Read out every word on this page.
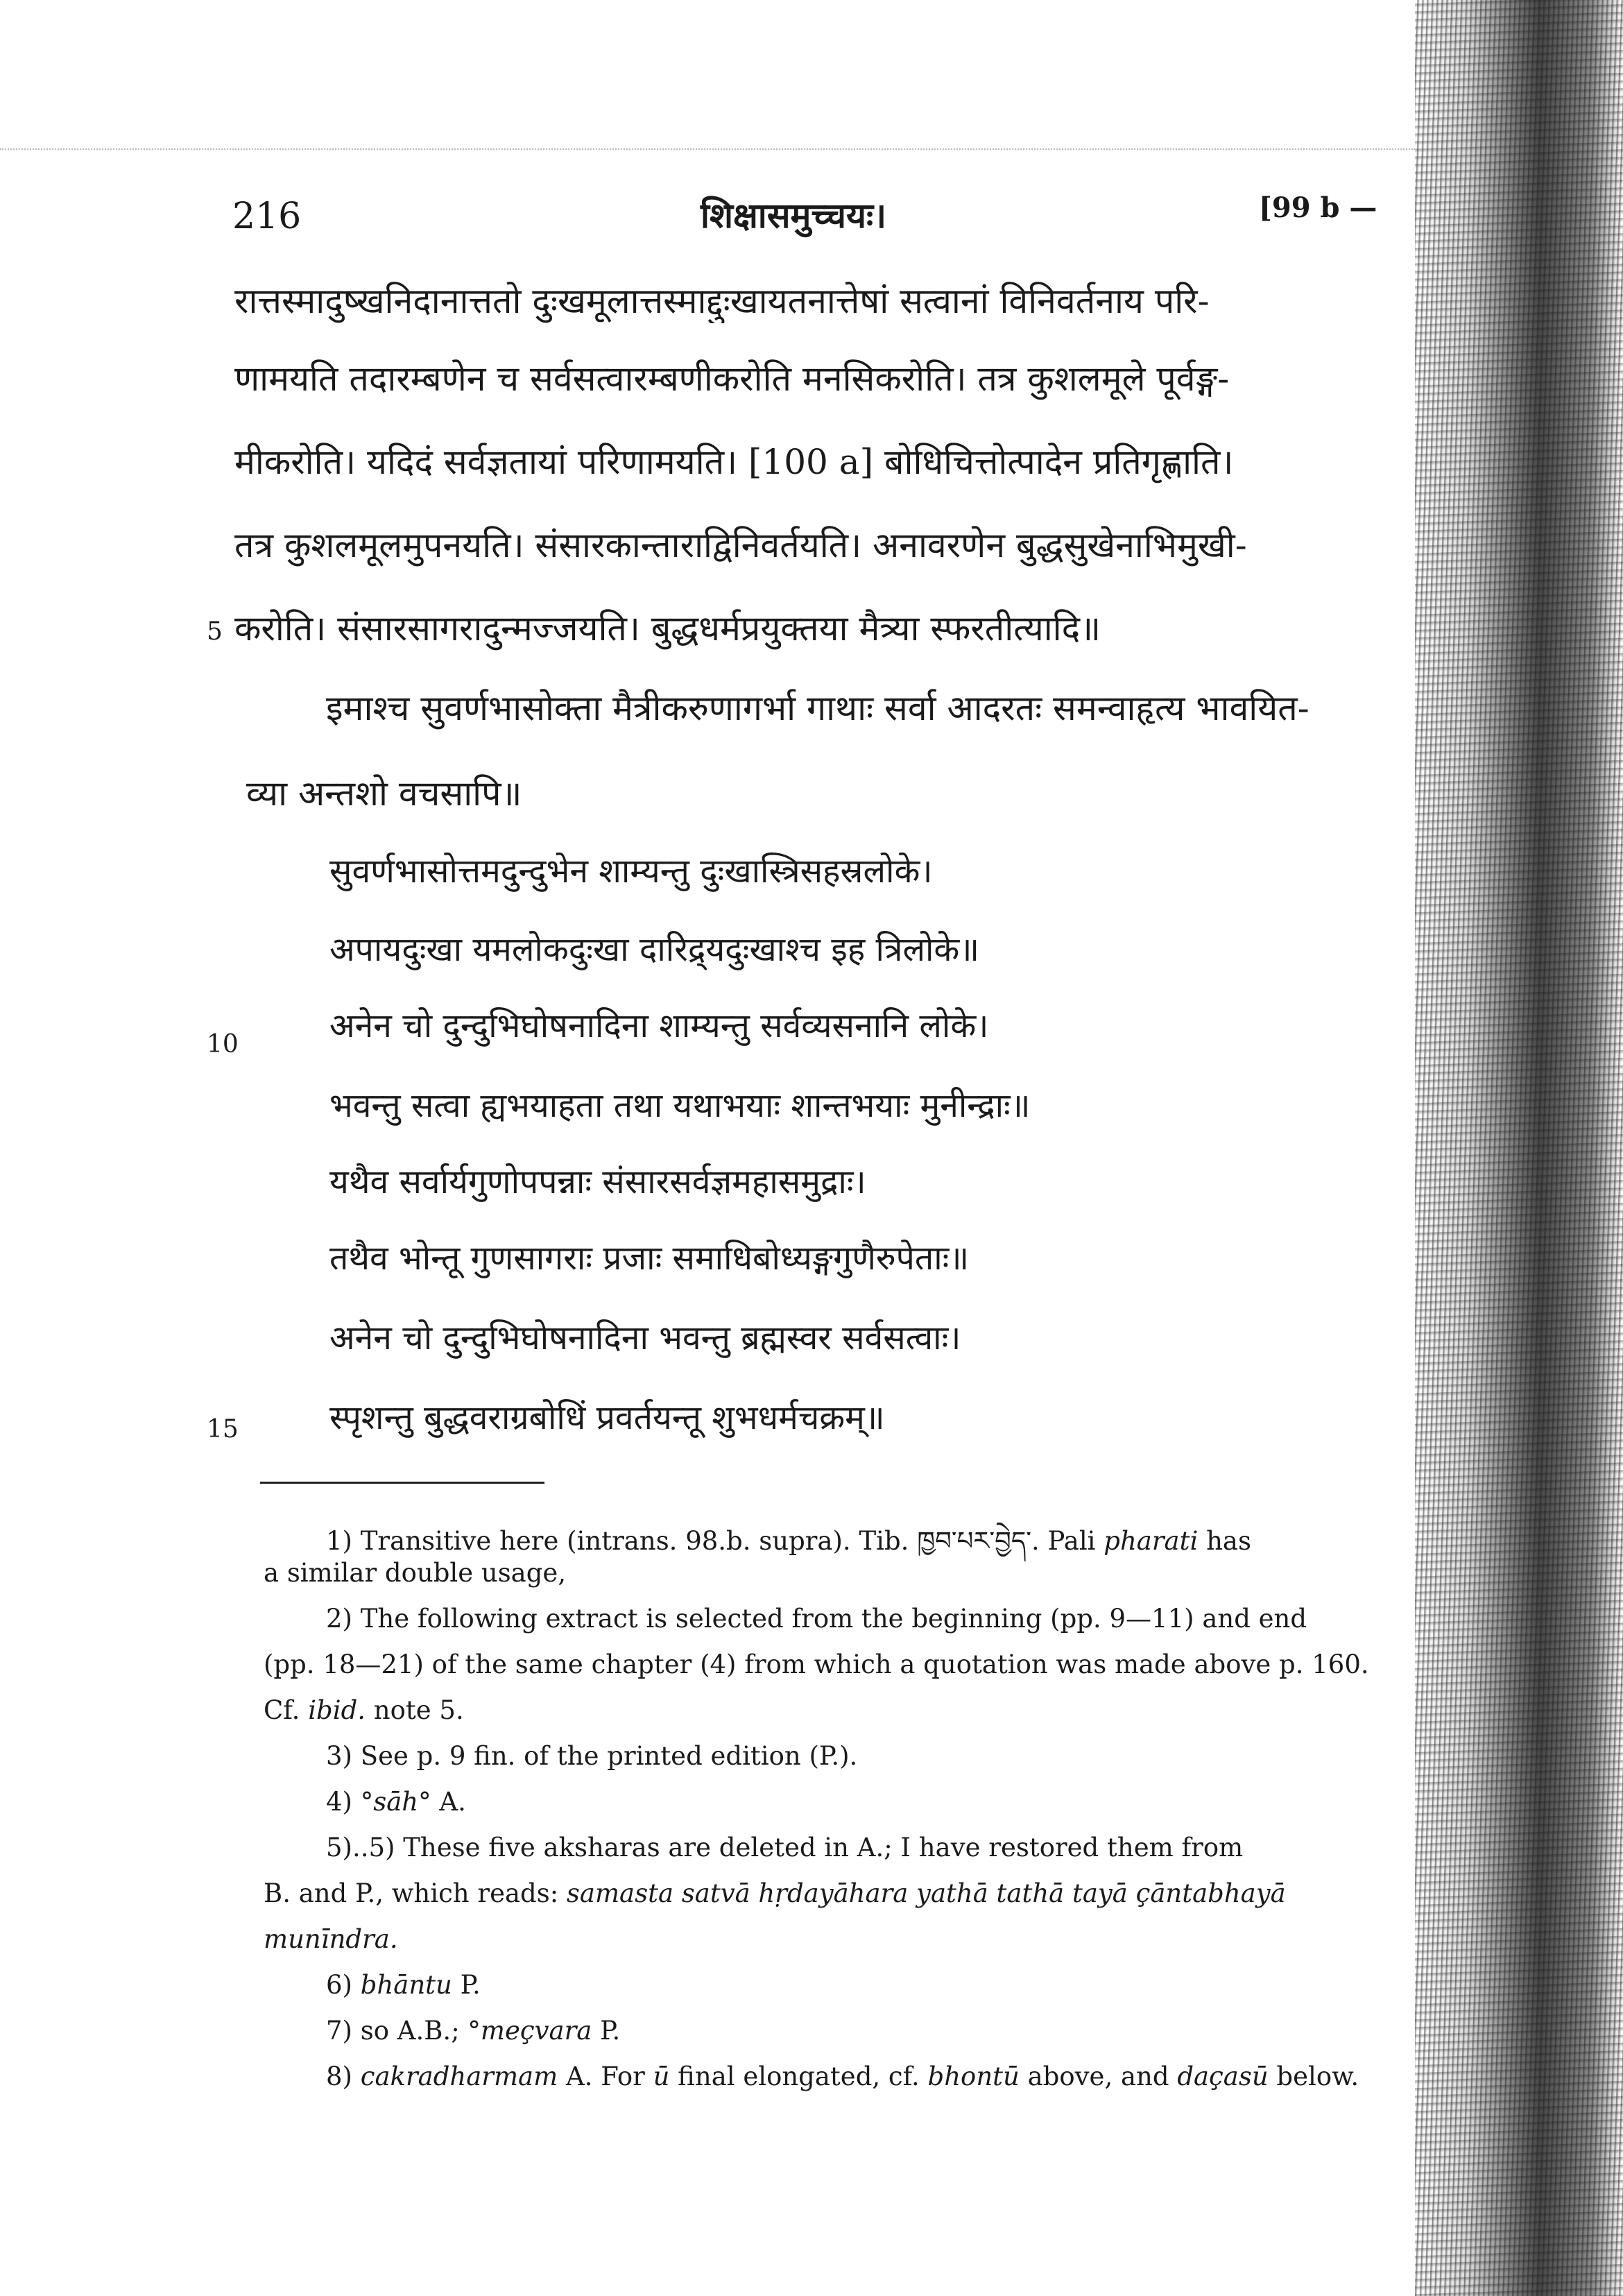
216	शिक्षासमुच्चयः।	[99 b —
रात्तस्मादुष्खनिदानात्ततो दुःखमूलात्तस्माद्दुःखायतनात्तेषां सत्वानां विनिवर्तनाय परि-
णामयति तदारम्बणेन च सर्वसत्वारम्बणीकरोति मनसिकरोति। तत्र कुशलमूले पूर्वङ्ग-
मीकरोति। यदिदं सर्वज्ञतायां परिणामयति। [100 a] बोधिचित्तोत्पादेन प्रतिगृह्णाति।
तत्र कुशलमूलमुपनयति। संसारकान्ताराद्विनिवर्तयति। अनावरणेन बुद्धसुखेनाभिमुखी-
5 करोति। संसारसागरादुन्मज्जयति। बुद्धधर्मप्रयुक्तया मैत्र्या स्फरतीत्यादि॥
इमाश्च सुवर्णभासोक्ता मैत्रीकरुणागर्भा गाथाः सर्वा आदरतः समन्वाहृत्य भावयित-
व्या अन्तशो वचसापि॥
सुवर्णभासोत्तमदुन्दुभेन शाम्यन्तु दुःखास्त्रिसहस्रलोके।
अपायदुःखा यमलोकदुःखा दारिद्र्यदुःखाश्च इह त्रिलोके॥
10	अनेन चो दुन्दुभिघोषनादिना शाम्यन्तु सर्वव्यसनानि लोके।
भवन्तु सत्वा ह्यभयाहता तथा यथाभयाः शान्तभयाः मुनीन्द्राः॥
यथैव सर्वार्यगुणोपपन्नाः संसारसर्वज्ञमहासमुद्राः।
तथैव भोन्तू गुणसागराः प्रजाः समाधिबोध्यङ्गगुणैरुपेताः॥
अनेन चो दुन्दुभिघोषनादिना भवन्तु ब्रह्मस्वर सर्वसत्वाः।
15	स्पृशन्तु बुद्धवराग्रबोधिं प्रवर्तयन्तू शुभधर्मचक्रम्॥
1) Transitive here (intrans. 98.b. supra). Tib. ཁྱབ་པར་བྱེད་. Pali pharati has
a similar double usage,
2) The following extract is selected from the beginning (pp. 9—11) and end
(pp. 18—21) of the same chapter (4) from which a quotation was made above p. 160.
Cf. ibid. note 5.
3) See p. 9 fin. of the printed edition (P.).
4) °sāh° A.
5)..5) These five aksharas are deleted in A.; I have restored them from
B. and P., which reads: samasta satvā hṛdayāhara yathā tathā tayā çāntabhayā
munīndra.
6) bhāntu P.
7) so A.B.; °meçvara P.
8) cakradharmam A. For ū final elongated, cf. bhontū above, and daçasū below.
